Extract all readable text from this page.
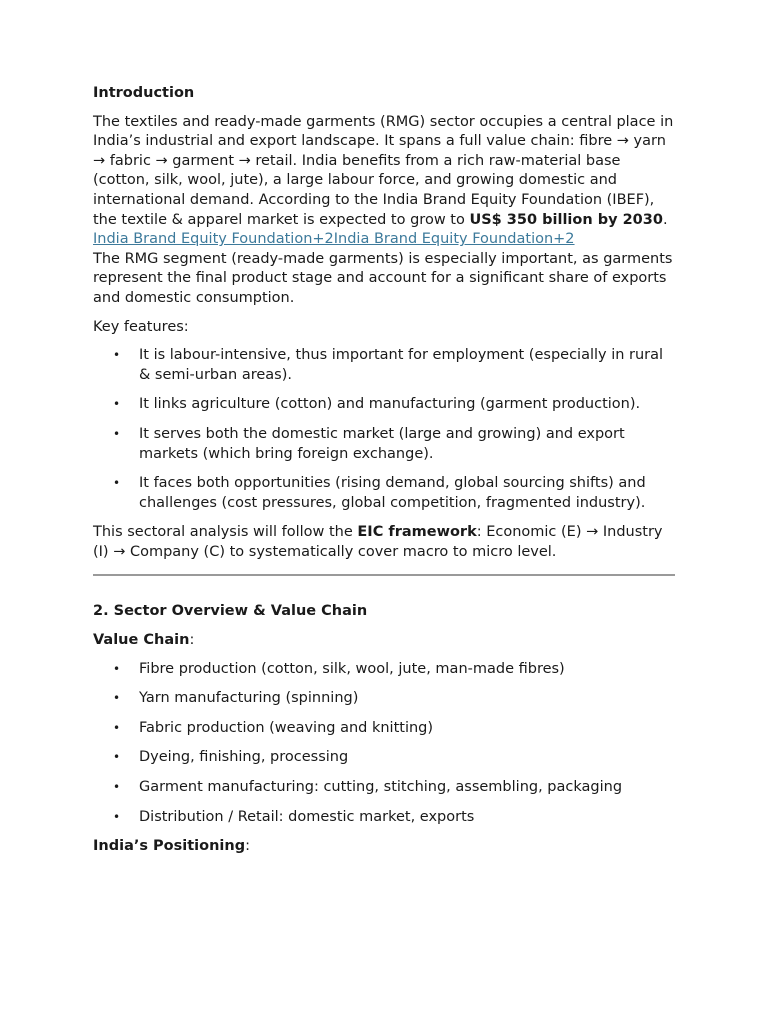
Introduction

The textiles and ready-made garments (RMG) sector occupies a central place in India’s industrial and export landscape. It spans a full value chain: fibre → yarn → fabric → garment → retail. India benefits from a rich raw-material base (cotton, silk, wool, jute), a large labour force, and growing domestic and international demand. According to the India Brand Equity Foundation (IBEF), the textile & apparel market is expected to grow to US$ 350 billion by 2030. India Brand Equity Foundation+2India Brand Equity Foundation+2

The RMG segment (ready-made garments) is especially important, as garments represent the final product stage and account for a significant share of exports and domestic consumption.

Key features:

• It is labour-intensive, thus important for employment (especially in rural & semi-urban areas).
• It links agriculture (cotton) and manufacturing (garment production).
• It serves both the domestic market (large and growing) and export markets (which bring foreign exchange).
• It faces both opportunities (rising demand, global sourcing shifts) and challenges (cost pressures, global competition, fragmented industry).

This sectoral analysis will follow the EIC framework: Economic (E) → Industry (I) → Company (C) to systematically cover macro to micro level.

2. Sector Overview & Value Chain

Value Chain:

• Fibre production (cotton, silk, wool, jute, man-made fibres)
• Yarn manufacturing (spinning)
• Fabric production (weaving and knitting)
• Dyeing, finishing, processing
• Garment manufacturing: cutting, stitching, assembling, packaging
• Distribution / Retail: domestic market, exports

India’s Positioning:
